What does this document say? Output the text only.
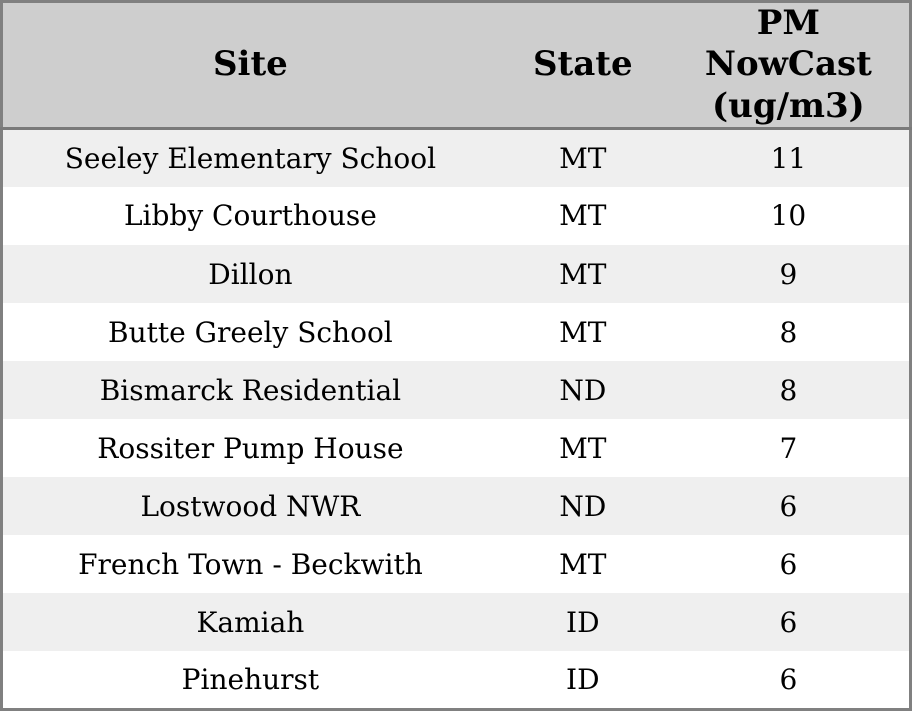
Site	State	PM NowCast (ug/m3)
Seeley Elementary School	MT	11
Libby Courthouse	MT	10
Dillon	MT	9
Butte Greely School	MT	8
Bismarck Residential	ND	8
Rossiter Pump House	MT	7
Lostwood NWR	ND	6
French Town - Beckwith	MT	6
Kamiah	ID	6
Pinehurst	ID	6
